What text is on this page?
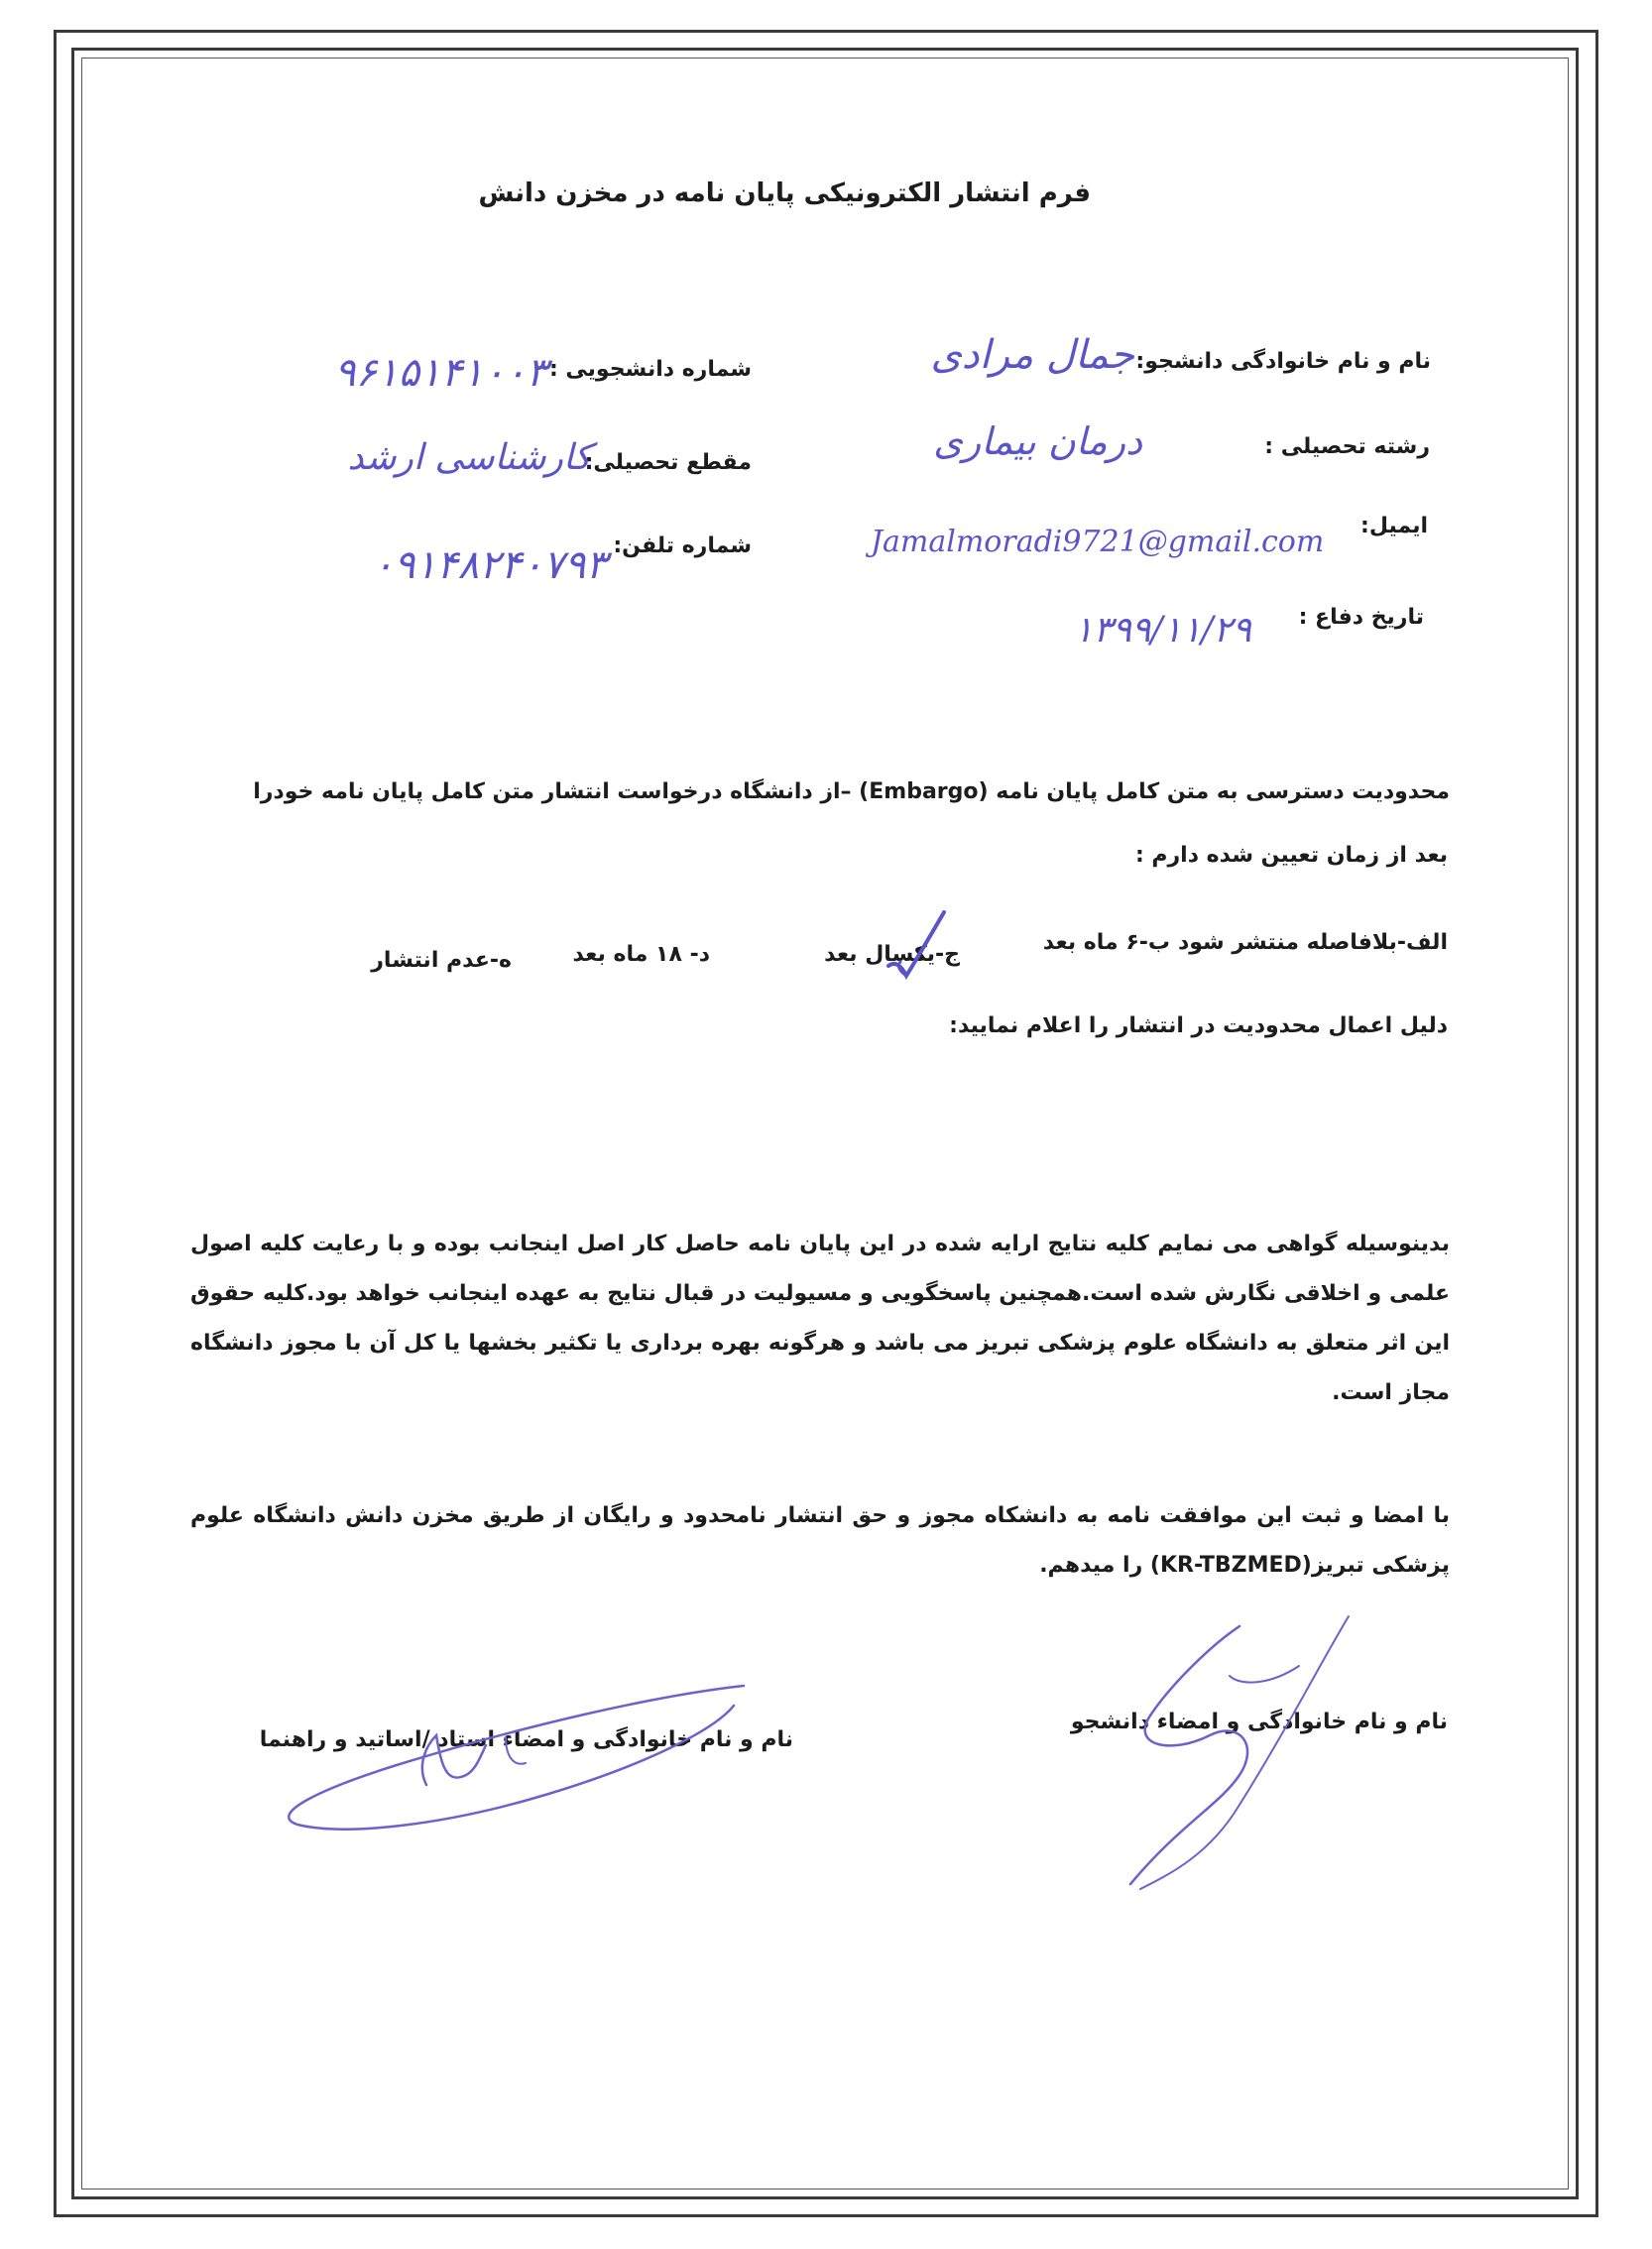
فرم انتشار الکترونیکی پایان نامه در مخزن دانش
نام و نام خانوادگی دانشجو:
جمال مرادی
رشته تحصیلی :
درمان بیماری
ایمیل:
Jamalmoradi9721@gmail.com
تاریخ دفاع :
۱۳۹۹/۱۱/۲۹
شماره دانشجویی :
۹۶۱۵۱۴۱۰۰۳
مقطع تحصیلی:
کارشناسی ارشد
شماره تلفن:
۰۹۱۴۸۲۴۰۷۹۳
محدودیت دسترسی به متن کامل پایان نامه (Embargo) –از دانشگاه درخواست انتشار متن کامل پایان نامه خودرا
بعد از زمان تعیین شده دارم :
الف-بلافاصله منتشر شود
ب-۶ ماه بعد
ج-یکسال بعد
د- ۱۸ ماه بعد
ه-عدم انتشار
دلیل اعمال محدودیت در انتشار را اعلام نمایید:
بدینوسیله گواهی می نمایم کلیه نتایج ارایه شده در این پایان نامه حاصل کار اصل اینجانب بوده و با رعایت کلیه اصول
علمی و اخلاقی نگارش شده است.همچنین پاسخگویی و مسیولیت در قبال نتایج به عهده اینجانب خواهد بود.کلیه حقوق
این اثر متعلق به دانشگاه علوم پزشکی تبریز می باشد و هرگونه بهره برداری یا تکثیر بخشها یا کل آن با مجوز دانشگاه
مجاز است.
با امضا و ثبت این موافقت نامه به دانشکاه مجوز و حق انتشار نامحدود و رایگان از طریق مخزن دانش دانشگاه علوم
پزشکی تبریز(KR-TBZMED) را میدهم.
نام و نام خانوادگی و امضاء دانشجو
نام و نام خانوادگی و امضاء استاد /اساتید و راهنما
